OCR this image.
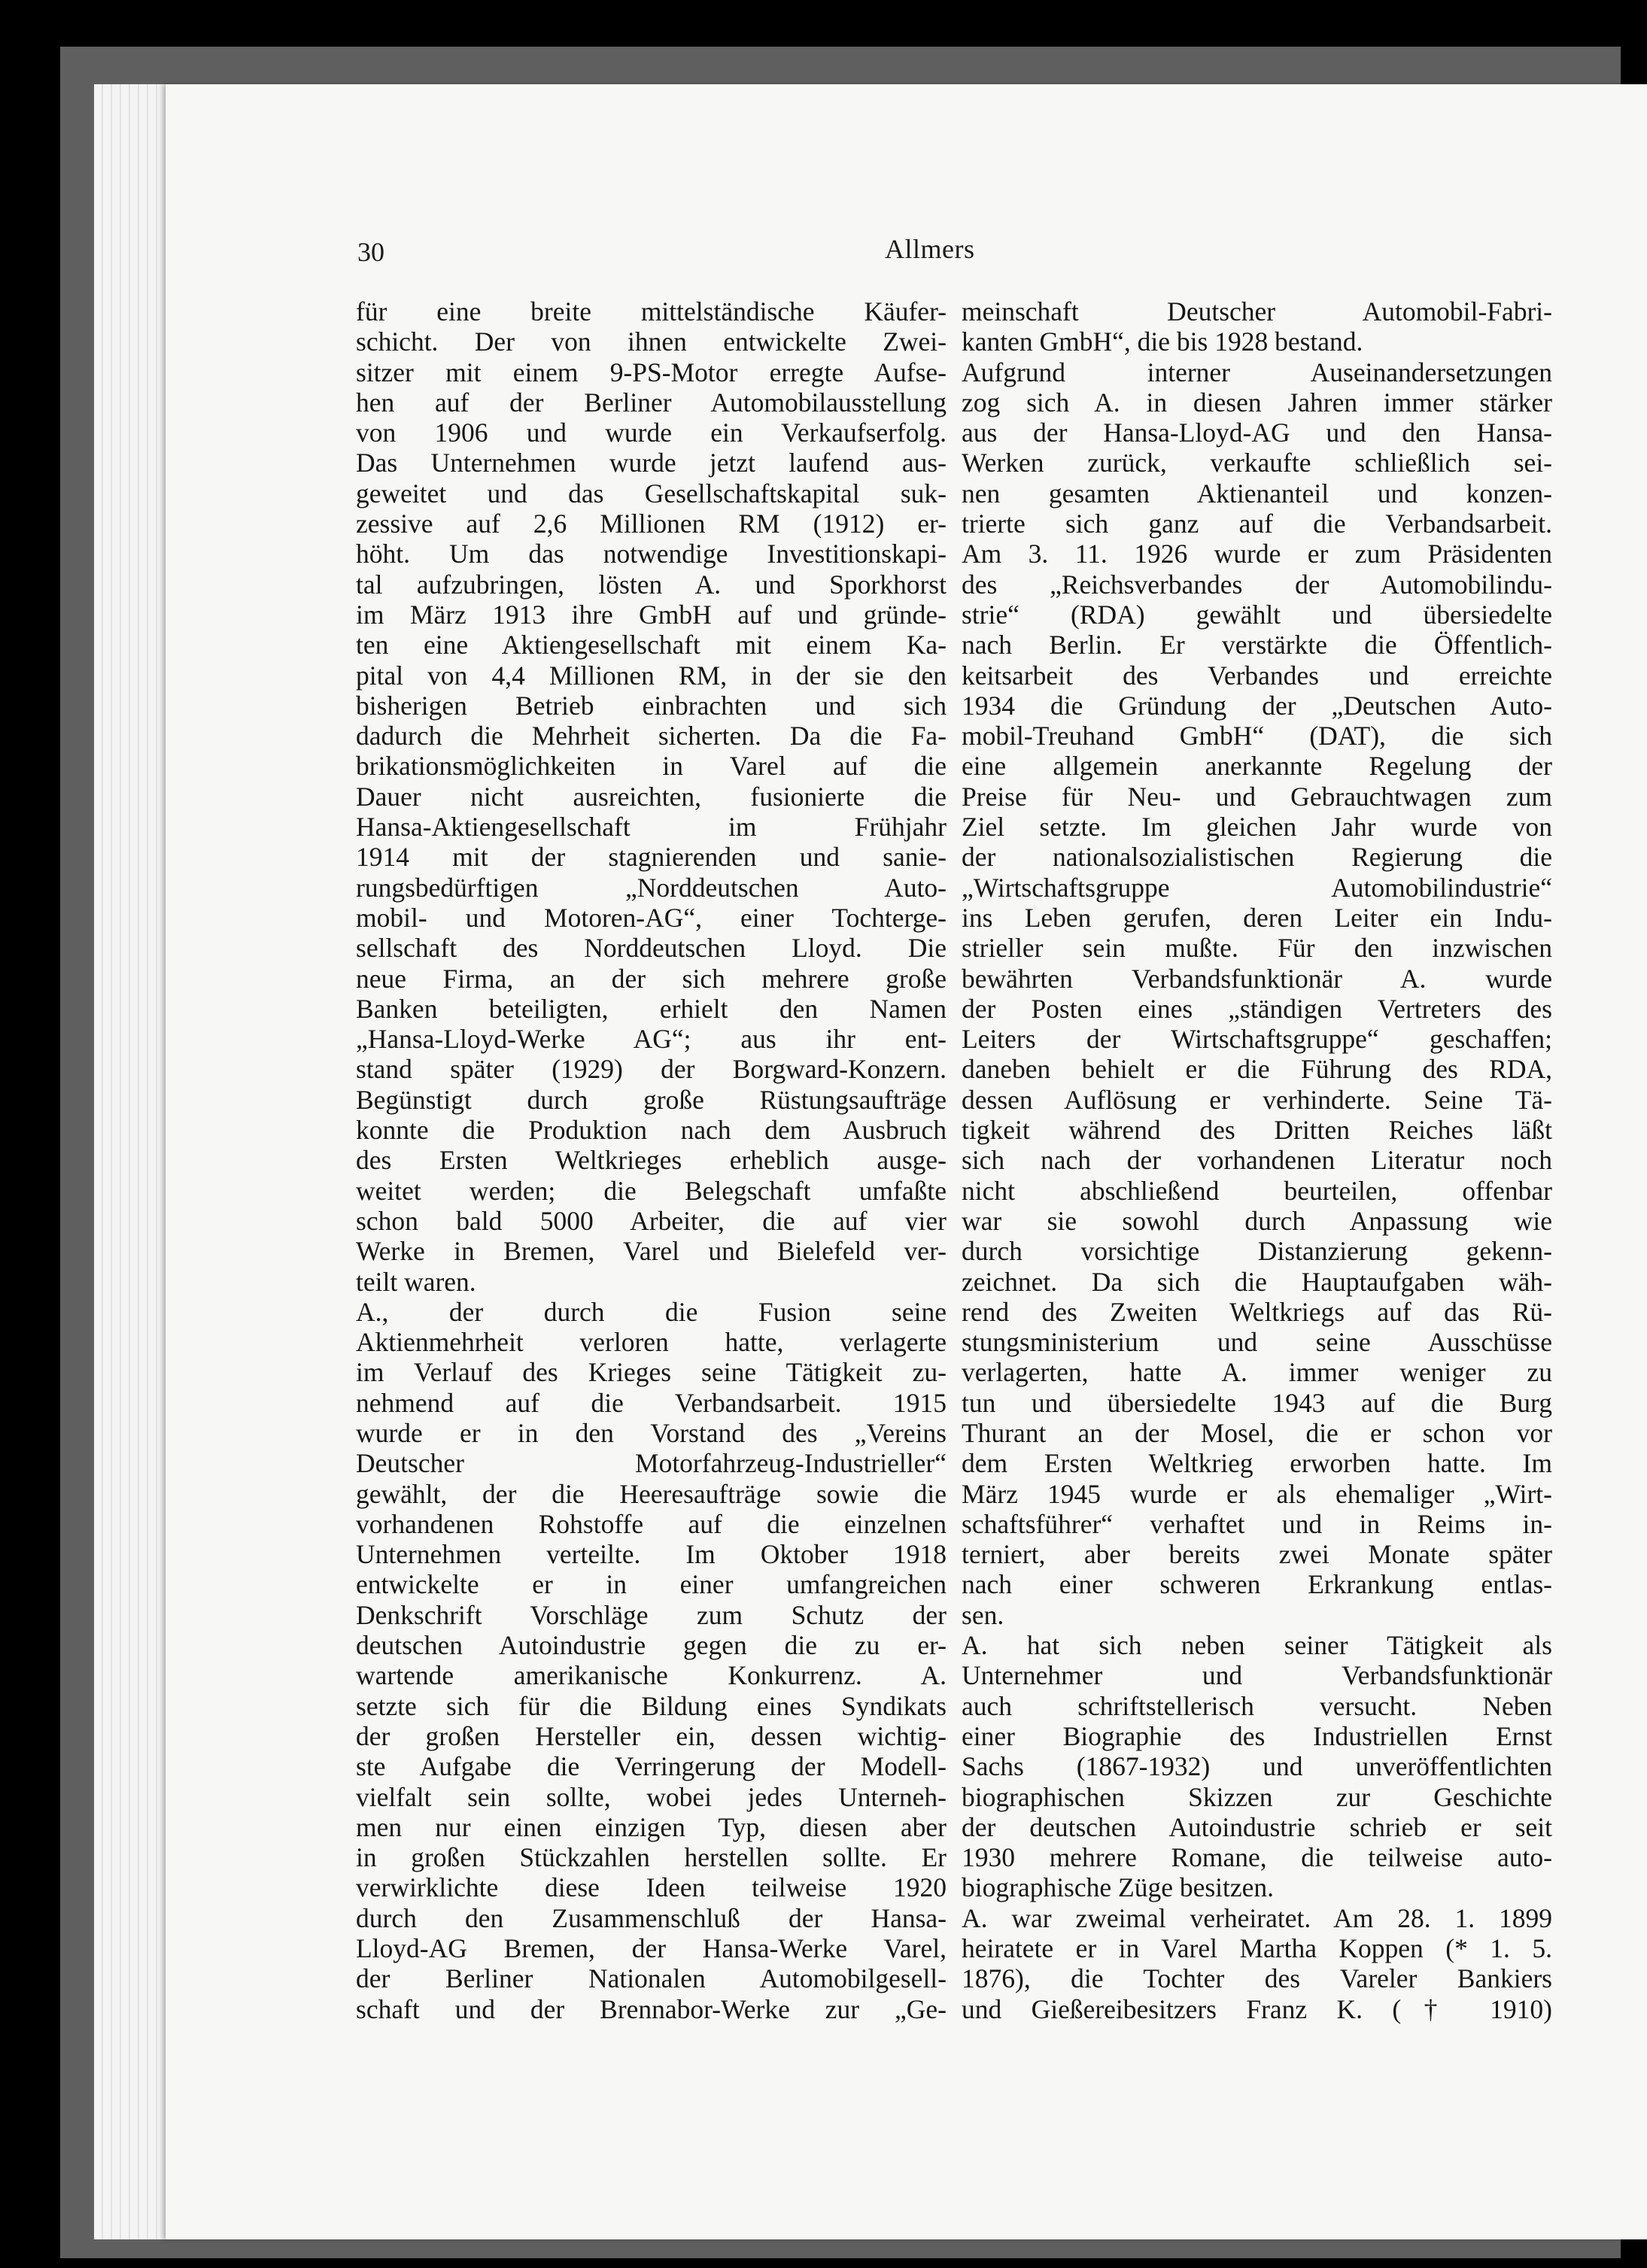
30	Allmers
für eine breite mittelständische Käufer-
schicht. Der von ihnen entwickelte Zwei-
sitzer mit einem 9-PS-Motor erregte Aufse-
hen auf der Berliner Automobilausstellung
von 1906 und wurde ein Verkaufserfolg.
Das Unternehmen wurde jetzt laufend aus-
geweitet und das Gesellschaftskapital suk-
zessive auf 2,6 Millionen RM (1912) er-
höht. Um das notwendige Investitionskapi-
tal aufzubringen, lösten A. und Sporkhorst
im März 1913 ihre GmbH auf und gründe-
ten eine Aktiengesellschaft mit einem Ka-
pital von 4,4 Millionen RM, in der sie den
bisherigen Betrieb einbrachten und sich
dadurch die Mehrheit sicherten. Da die Fa-
brikationsmöglichkeiten in Varel auf die
Dauer nicht ausreichten, fusionierte die
Hansa-Aktiengesellschaft im Frühjahr
1914 mit der stagnierenden und sanie-
rungsbedürftigen „Norddeutschen Auto-
mobil- und Motoren-AG“, einer Tochterge-
sellschaft des Norddeutschen Lloyd. Die
neue Firma, an der sich mehrere große
Banken beteiligten, erhielt den Namen
„Hansa-Lloyd-Werke AG“; aus ihr ent-
stand später (1929) der Borgward-Konzern.
Begünstigt durch große Rüstungsaufträge
konnte die Produktion nach dem Ausbruch
des Ersten Weltkrieges erheblich ausge-
weitet werden; die Belegschaft umfaßte
schon bald 5000 Arbeiter, die auf vier
Werke in Bremen, Varel und Bielefeld ver-
teilt waren.
A., der durch die Fusion seine
Aktienmehrheit verloren hatte, verlagerte
im Verlauf des Krieges seine Tätigkeit zu-
nehmend auf die Verbandsarbeit. 1915
wurde er in den Vorstand des „Vereins
Deutscher Motorfahrzeug-Industrieller“
gewählt, der die Heeresaufträge sowie die
vorhandenen Rohstoffe auf die einzelnen
Unternehmen verteilte. Im Oktober 1918
entwickelte er in einer umfangreichen
Denkschrift Vorschläge zum Schutz der
deutschen Autoindustrie gegen die zu er-
wartende amerikanische Konkurrenz. A.
setzte sich für die Bildung eines Syndikats
der großen Hersteller ein, dessen wichtig-
ste Aufgabe die Verringerung der Modell-
vielfalt sein sollte, wobei jedes Unterneh-
men nur einen einzigen Typ, diesen aber
in großen Stückzahlen herstellen sollte. Er
verwirklichte diese Ideen teilweise 1920
durch den Zusammenschluß der Hansa-
Lloyd-AG Bremen, der Hansa-Werke Varel,
der Berliner Nationalen Automobilgesell-
schaft und der Brennabor-Werke zur „Ge-
meinschaft Deutscher Automobil-Fabri-
kanten GmbH“, die bis 1928 bestand.
Aufgrund interner Auseinandersetzungen
zog sich A. in diesen Jahren immer stärker
aus der Hansa-Lloyd-AG und den Hansa-
Werken zurück, verkaufte schließlich sei-
nen gesamten Aktienanteil und konzen-
trierte sich ganz auf die Verbandsarbeit.
Am 3. 11. 1926 wurde er zum Präsidenten
des „Reichsverbandes der Automobilindu-
strie“ (RDA) gewählt und übersiedelte
nach Berlin. Er verstärkte die Öffentlich-
keitsarbeit des Verbandes und erreichte
1934 die Gründung der „Deutschen Auto-
mobil-Treuhand GmbH“ (DAT), die sich
eine allgemein anerkannte Regelung der
Preise für Neu- und Gebrauchtwagen zum
Ziel setzte. Im gleichen Jahr wurde von
der nationalsozialistischen Regierung die
„Wirtschaftsgruppe Automobilindustrie“
ins Leben gerufen, deren Leiter ein Indu-
strieller sein mußte. Für den inzwischen
bewährten Verbandsfunktionär A. wurde
der Posten eines „ständigen Vertreters des
Leiters der Wirtschaftsgruppe“ geschaffen;
daneben behielt er die Führung des RDA,
dessen Auflösung er verhinderte. Seine Tä-
tigkeit während des Dritten Reiches läßt
sich nach der vorhandenen Literatur noch
nicht abschließend beurteilen, offenbar
war sie sowohl durch Anpassung wie
durch vorsichtige Distanzierung gekenn-
zeichnet. Da sich die Hauptaufgaben wäh-
rend des Zweiten Weltkriegs auf das Rü-
stungsministerium und seine Ausschüsse
verlagerten, hatte A. immer weniger zu
tun und übersiedelte 1943 auf die Burg
Thurant an der Mosel, die er schon vor
dem Ersten Weltkrieg erworben hatte. Im
März 1945 wurde er als ehemaliger „Wirt-
schaftsführer“ verhaftet und in Reims in-
terniert, aber bereits zwei Monate später
nach einer schweren Erkrankung entlas-
sen.
A. hat sich neben seiner Tätigkeit als
Unternehmer und Verbandsfunktionär
auch schriftstellerisch versucht. Neben
einer Biographie des Industriellen Ernst
Sachs (1867-1932) und unveröffentlichten
biographischen Skizzen zur Geschichte
der deutschen Autoindustrie schrieb er seit
1930 mehrere Romane, die teilweise auto-
biographische Züge besitzen.
A. war zweimal verheiratet. Am 28. 1. 1899
heiratete er in Varel Martha Koppen (* 1. 5.
1876), die Tochter des Vareler Bankiers
und Gießereibesitzers Franz K. († 1910)
